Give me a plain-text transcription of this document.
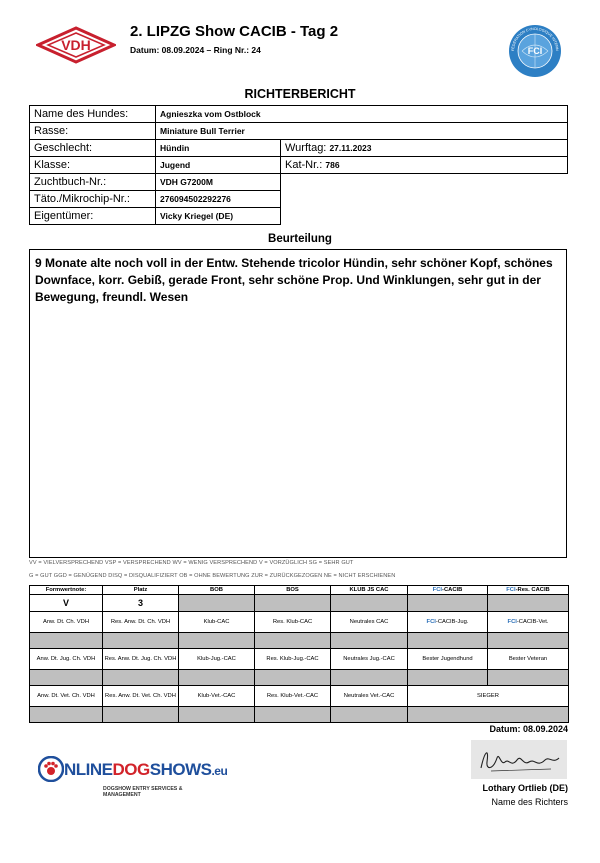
VDH
2. LIPZG Show CACIB - Tag 2
Datum: 08.09.2024 – Ring Nr.: 24	FCI
FÉDÉRATION CYNOLOGIQUE INTERN
RICHTERBERICHT
Name des Hundes:	Agnieszka vom Ostblock	
Rasse:	Miniature Bull Terrier	
Geschlecht:	Hündin	Wurftag: 27.11.2023
Klasse:	Jugend	Kat-Nr.: 786
Zuchtbuch-Nr.:	VDH G7200M	
Täto./Mikrochip-Nr.:	276094502292276	
Eigentümer:	Vicky Kriegel (DE)	
Beurteilung
9 Monate alte noch voll in der Entw. Stehende tricolor Hündin, sehr schöner Kopf, schönes Downface, korr. Gebiß, gerade Front, sehr schöne Prop. Und Winklungen, sehr gut in der Bewegung, freundl. Wesen
VV = VIELVERSPRECHEND VSP = VERSPRECHEND WV = WENIG VERSPRECHEND V = VORZÜGLICH SG = SEHR GUT
G = GUT GGD = GENÜGEND DISQ = DISQUALIFIZIERT OB = OHNE BEWERTUNG ZUR = ZURÜCKGEZOGEN NE = NICHT ERSCHIENEN
Formwertnote:	Platz	BOB	BOS	KLUB JS CAC	FCI-CACIB	FCI-Res. CACIB
V	3					
Anw. Dt. Ch. VDH	Res. Anw. Dt. Ch. VDH	Klub-CAC	Res. Klub-CAC	Neutrales CAC	FCI-CACIB-Jug.	FCI-CACIB-Vet.

Anw. Dt. Jug. Ch. VDH	Res. Anw. Dt. Jug. Ch. VDH	Klub-Jug.-CAC	Res. Klub-Jug.-CAC	Neutrales Jug.-CAC	Bester Jugendhund	Bester Veteran

Anw. Dt. Vet. Ch. VDH	Res. Anw. Dt. Vet. Ch. VDH	Klub-Vet.-CAC	Res. Klub-Vet.-CAC	Neutrales Vet.-CAC	SIEGER	

Datum: 08.09.2024
Lothary Ortlieb (DE)
Name des Richters
NLINEDOGSHOWS.eu
DOGSHOW ENTRY SERVICES & MANAGEMENT
